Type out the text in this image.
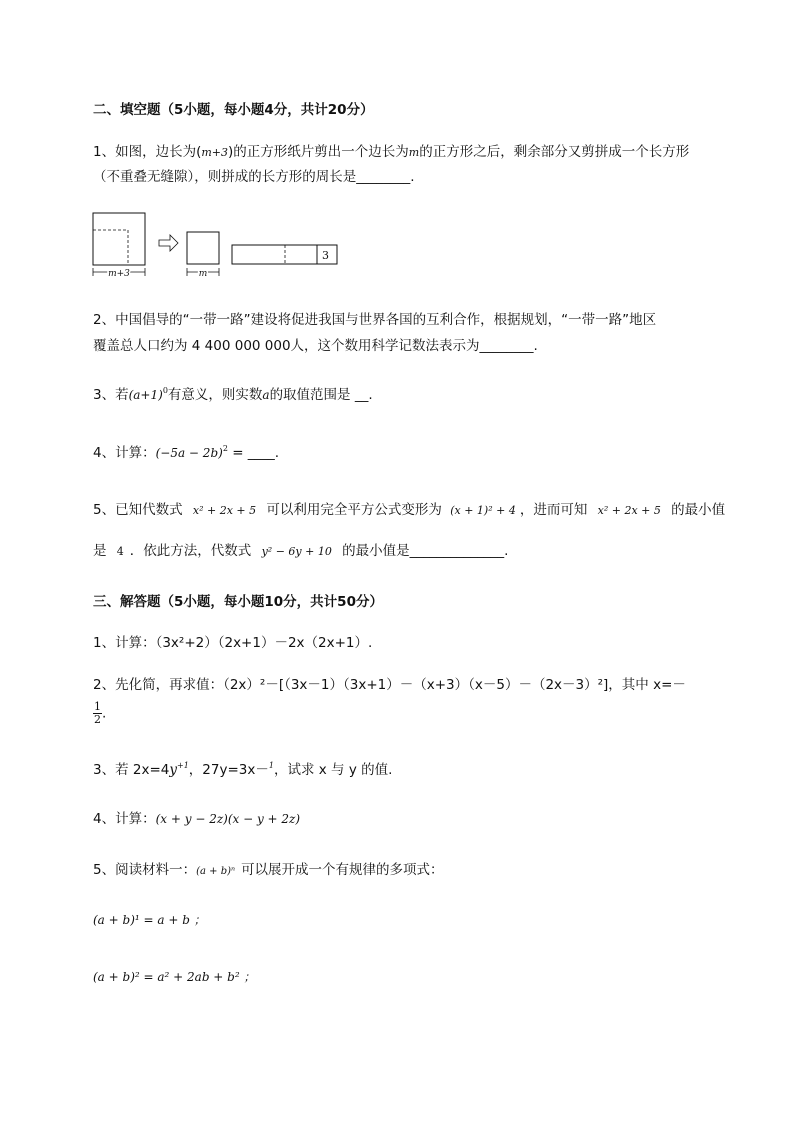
二、填空题（5小题，每小题4分，共计20分）
1、如图，边长为(m+3)的正方形纸片剪出一个边长为m的正方形之后，剩余部分又剪拼成一个长方形
（不重叠无缝隙），则拼成的长方形的周长是________.
m+3	m
3
2、中国倡导的“一带一路”建设将促进我国与世界各国的互利合作，根据规划，“一带一路”地区
覆盖总人口约为 4 400 000 000人，这个数用科学记数法表示为________.
3、若$(a+1)^0$有意义，则实数a的取值范围是 __.
4、计算：$(-5a - 2b)^2$ = ____.
5、已知代数式 x² + 2x + 5 可以利用完全平方公式变形为 (x + 1)² + 4 ，进而可知 x² + 2x + 5 的最小值
是 4 ．依此方法，代数式 y² − 6y + 10 的最小值是______________.
三、解答题（5小题，每小题10分，共计50分）
1、计算：（3x²+2）（2x+1）－2x（2x+1）.
2、先化简，再求值：（2x）²－[（3x－1）（3x+1）－（x+3）（x－5）－（2x－3）²]，其中 x=－
$\frac{1}{2}$ .
3、若 $2x=4y^{+1}$，27y=3x－$^1$，试求 x 与 y 的值.
4、计算：(x + y − 2z)(x − y + 2z)
5、阅读材料一：(a + b)ⁿ 可以展开成一个有规律的多项式：
(a + b)¹ = a + b ；
(a + b)² = a² + 2ab + b² ；
